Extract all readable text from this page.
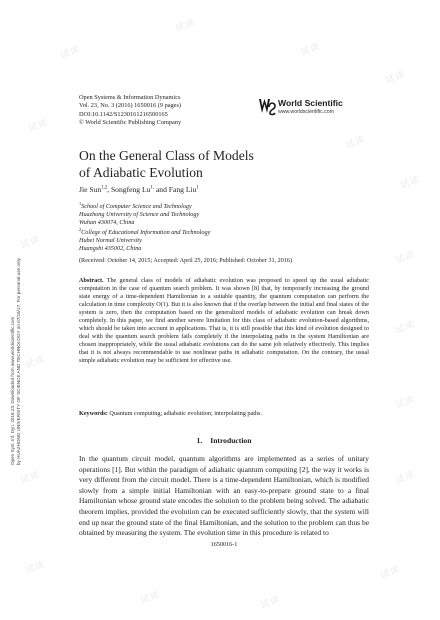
试读
试读
试读
试读
试读
试读
试读
试读
试读
试读
试读
试读
试读	试读
试读
试读	试读
试读
Open Systems & Information Dynamics
Vol. 23, No. 3 (2016) 1650016 (9 pages)
DOI:10.1142/S1230161216500165
© World Scientific Publishing Company
World Scientific
www.worldscientific.com
On the General Class of Models
of Adiabatic Evolution
Jie Sun$^{1,2}$, Songfeng $Lu^{1,}$ and Fang Liu$^1$
$^1$School of Computer Science and Technology
Huazhong University of Science and Technology
Wuhan 430074, China
$^2$College of Educational Information and Technology
Hubei Normal University
Huangshi 435002, China
(Received: October 14, 2015; Accepted: April 25, 2016; Published: October 31, 2016)
Abstract. The general class of models of adiabatic evolution was proposed to speed up the usual adiabatic computation in the case of quantum search problem. It was shown [8] that, by temporarily increasing the ground state energy of a time-dependent Hamiltonian to a suitable quantity, the quantum computation can perform the calculation in time complexity O(1). But it is also known that if the overlap between the initial and final states of the system is zero, then the computation based on the generalized models of adiabatic evolution can break down completely. In this paper, we find another severe limitation for this class of adiabatic evolution-based algorithms, which should be taken into account in applications. That is, it is still possible that this kind of evolution designed to deal with the quantum search problem fails completely if the interpolating paths in the system Hamiltonian are chosen inappropriately, while the usual adiabatic evolutions can do the same job relatively effectively. This implies that it is not always recommendable to use nonlinear paths in adiabatic computation. On the contrary, the usual simple adiabatic evolution may be sufficient for effective use.
Keywords: Quantum computing; adiabatic evolution; interpolating paths.
1. Introduction
In the quantum circuit model, quantum algorithms are implemented as a series of unitary operations [1]. But within the paradigm of adiabatic quantum computing [2], the way it works is very different from the circuit model. There is a time-dependent Hamiltonian, which is modified slowly from a simple initial Hamiltonian with an easy-to-prepare ground state to a final Hamiltonian whose ground state encodes the solution to the problem being solved. The adiabatic theorem implies, provided the evolution can be executed sufficiently slowly, that the system will end up near the ground state of the final Hamiltonian, and the solution to the problem can thus be obtained by measuring the system. The evolution time in this procedure is related to
1650016-1
Open Syst. Inf. Dyn. 2016.23. Downloaded from www.worldscientific.com by HUAZHONG UNIVERSITY OF SCIENCE AND TECHNOLOGY on 07/16/17. For personal use only.
